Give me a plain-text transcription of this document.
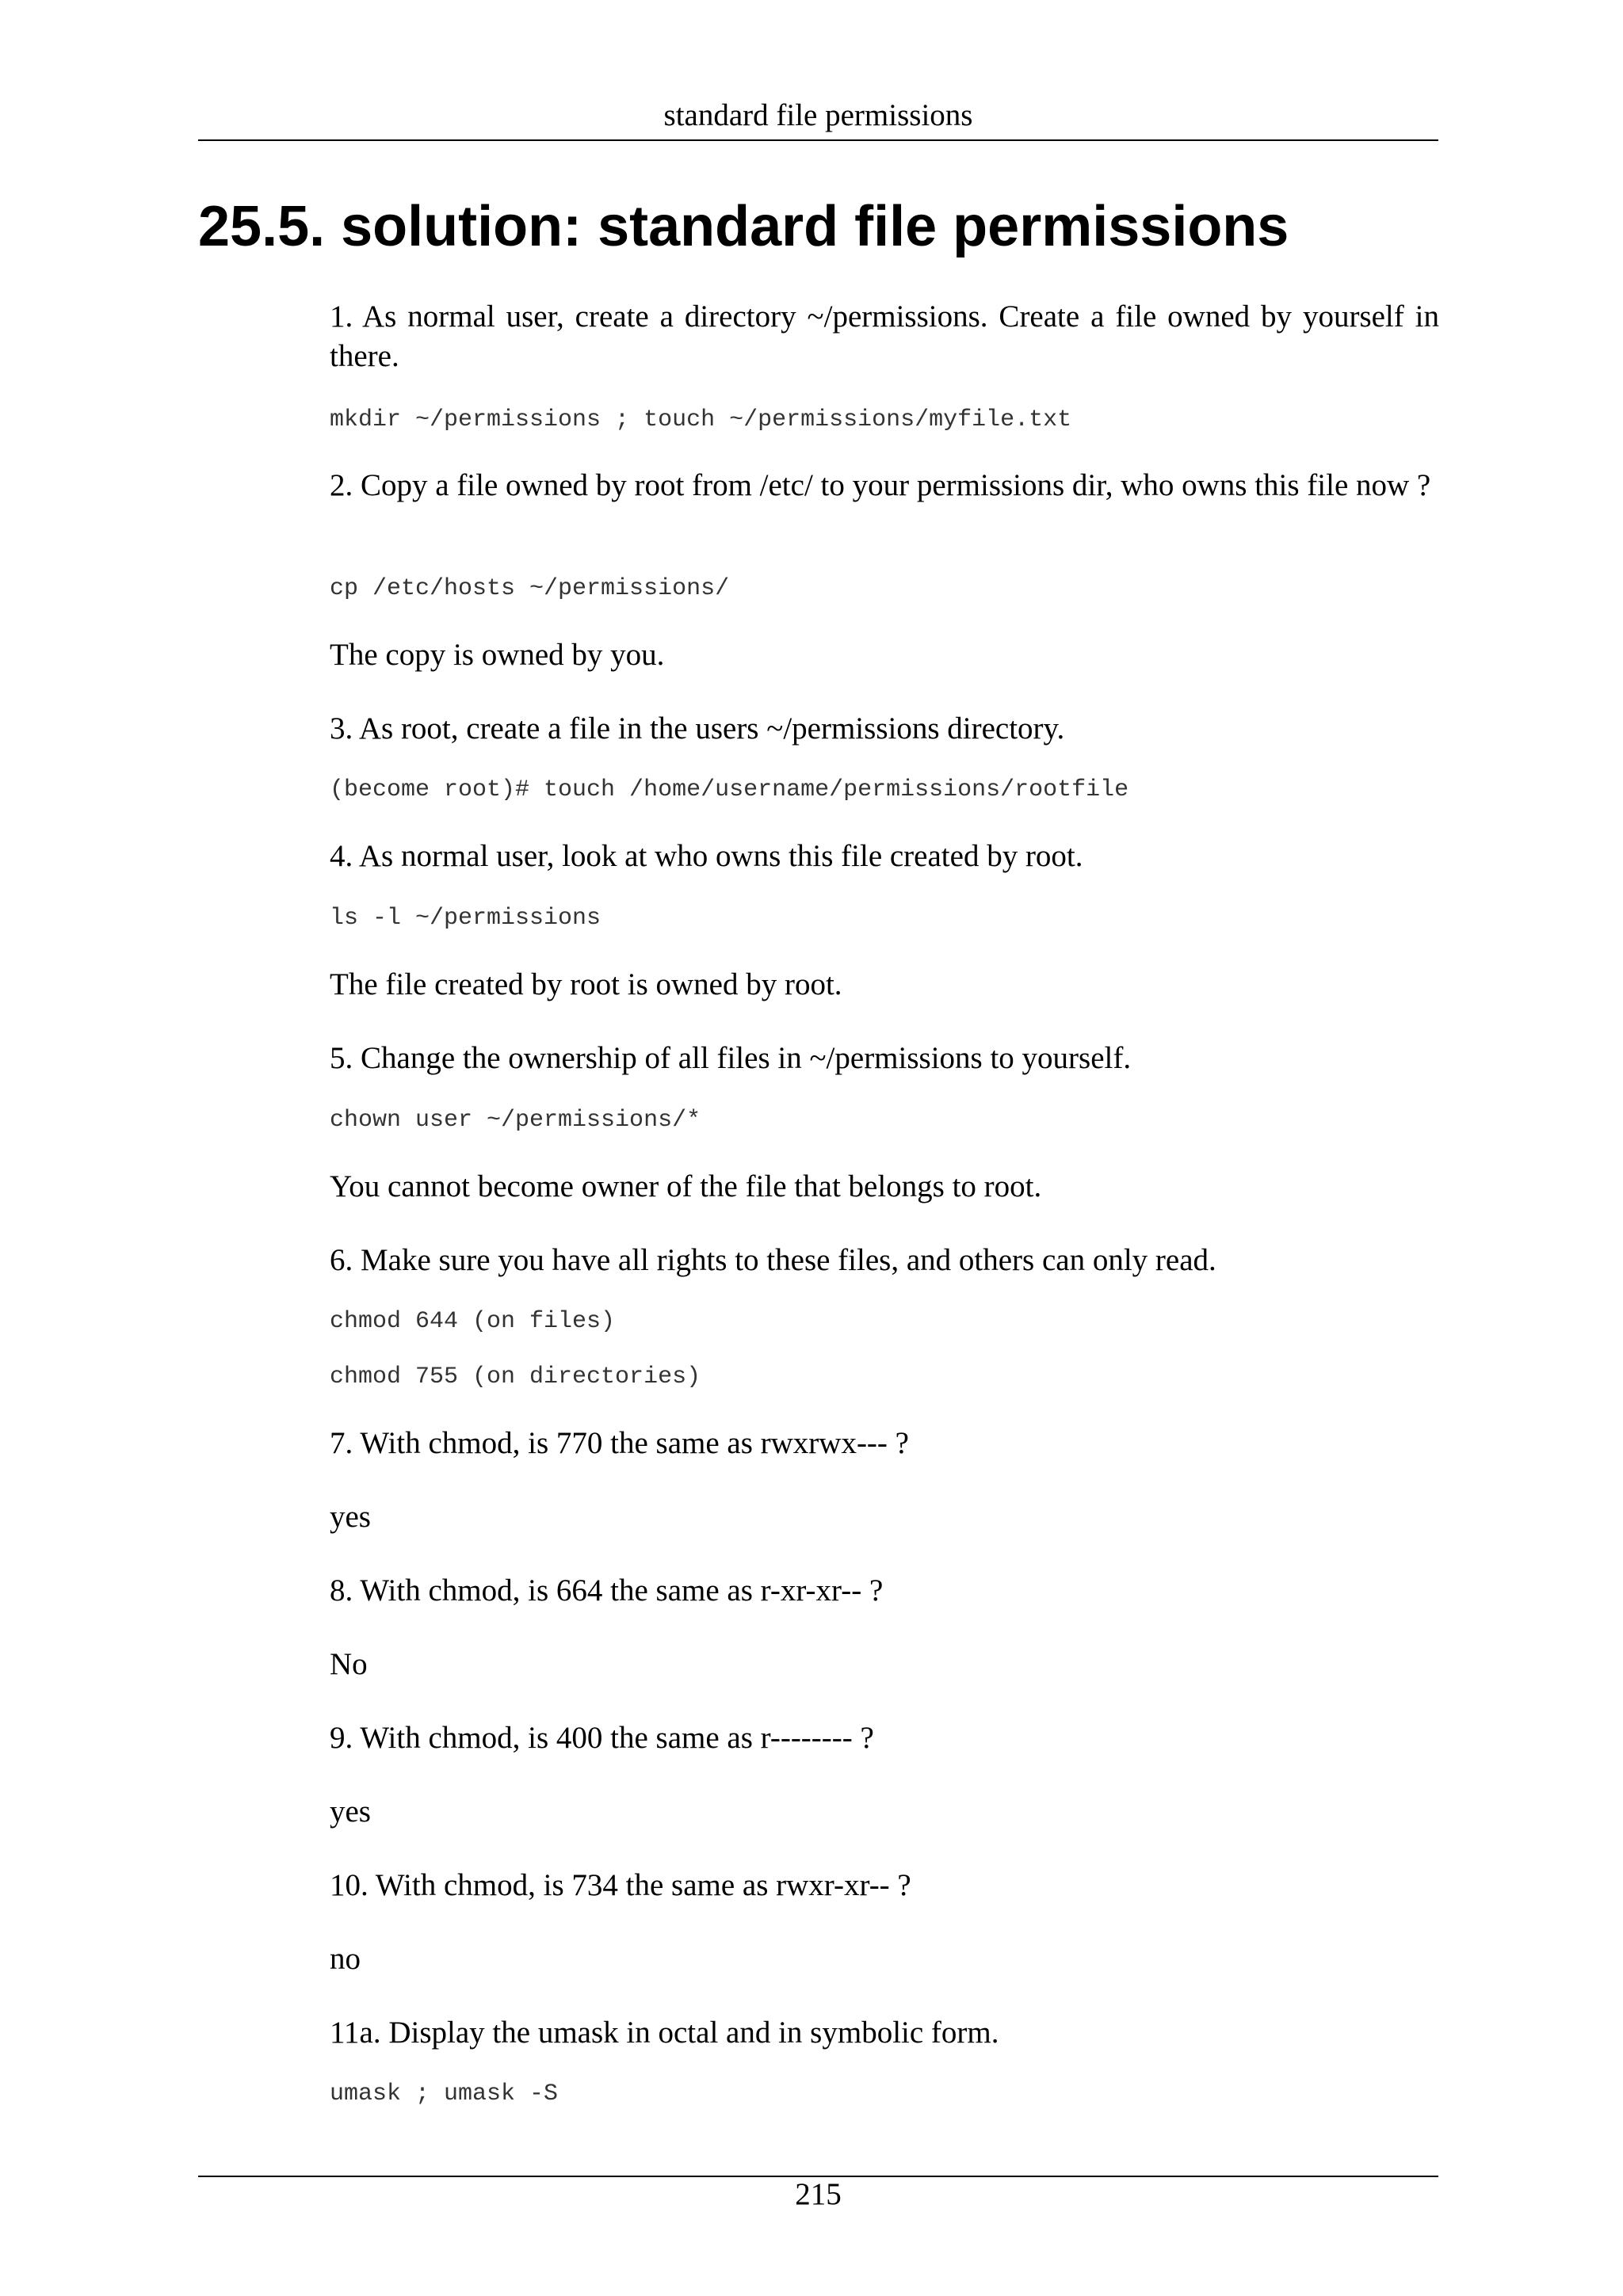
standard file permissions
25.5. solution: standard file permissions

1. As normal user, create a directory ~/permissions. Create a file owned by yourself in there.

mkdir ~/permissions ; touch ~/permissions/myfile.txt

2. Copy a file owned by root from /etc/ to your permissions dir, who owns this file now ?

cp /etc/hosts ~/permissions/

The copy is owned by you.

3. As root, create a file in the users ~/permissions directory.

(become root)# touch /home/username/permissions/rootfile

4. As normal user, look at who owns this file created by root.

ls -l ~/permissions

The file created by root is owned by root.

5. Change the ownership of all files in ~/permissions to yourself.

chown user ~/permissions/*

You cannot become owner of the file that belongs to root.

6. Make sure you have all rights to these files, and others can only read.

chmod 644 (on files)
chmod 755 (on directories)

7. With chmod, is 770 the same as rwxrwx--- ?

yes

8. With chmod, is 664 the same as r-xr-xr-- ?

No

9. With chmod, is 400 the same as r-------- ?

yes

10. With chmod, is 734 the same as rwxr-xr-- ?

no

11a. Display the umask in octal and in symbolic form.

umask ; umask -S
215
